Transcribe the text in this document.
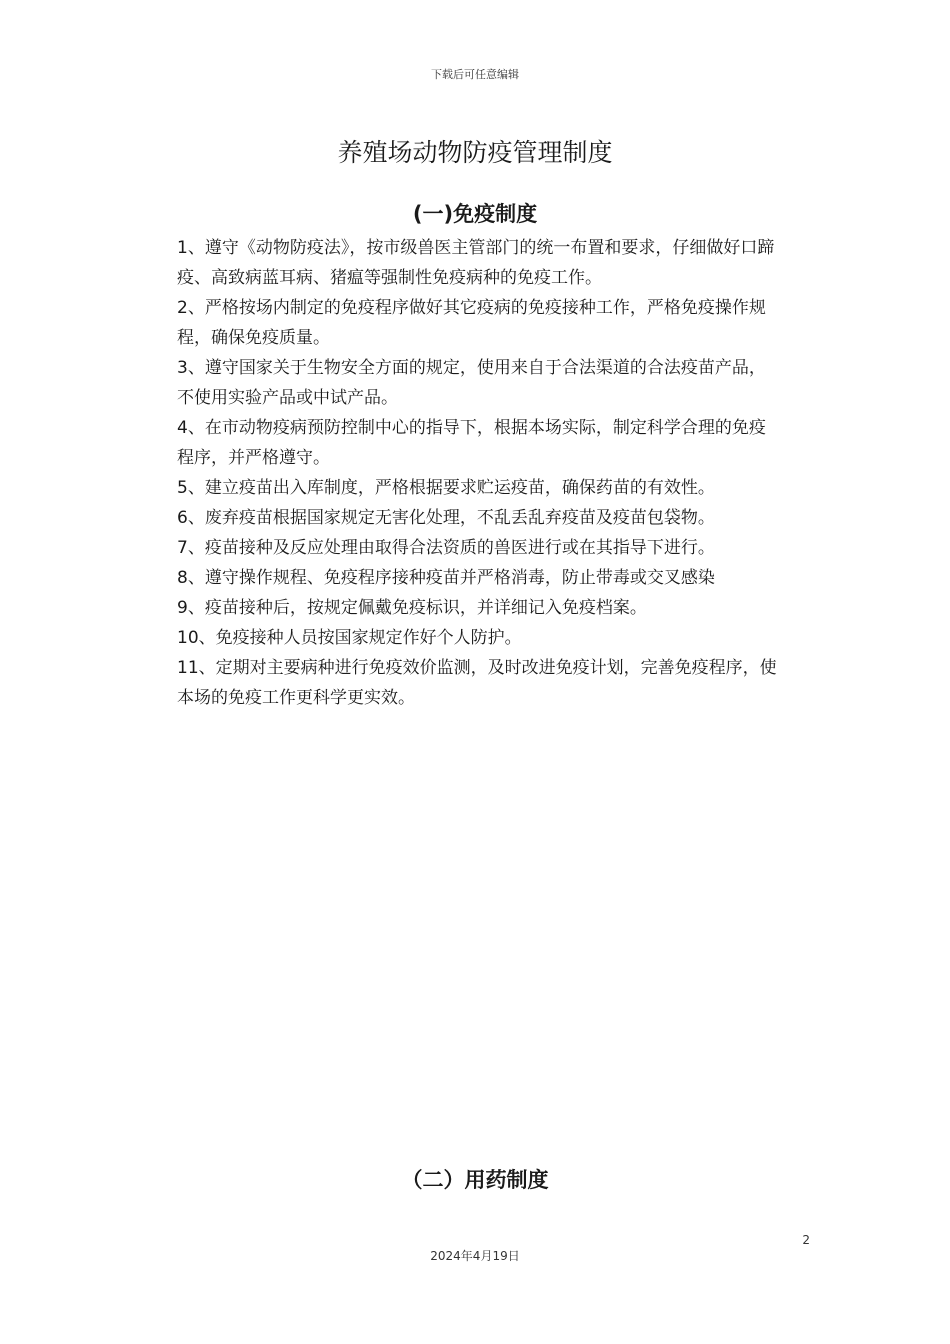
下载后可任意编辑
养殖场动物防疫管理制度
(一)免疫制度
1、遵守《动物防疫法》，按市级兽医主管部门的统一布置和要求，仔细做好口蹄疫、高致病蓝耳病、猪瘟等强制性免疫病种的免疫工作。
2、严格按场内制定的免疫程序做好其它疫病的免疫接种工作，严格免疫操作规程，确保免疫质量。
3、遵守国家关于生物安全方面的规定，使用来自于合法渠道的合法疫苗产品，不使用实验产品或中试产品。
4、在市动物疫病预防控制中心的指导下，根据本场实际，制定科学合理的免疫程序，并严格遵守。
5、建立疫苗出入库制度，严格根据要求贮运疫苗，确保药苗的有效性。
6、废弃疫苗根据国家规定无害化处理，不乱丢乱弃疫苗及疫苗包袋物。
7、疫苗接种及反应处理由取得合法资质的兽医进行或在其指导下进行。
8、遵守操作规程、免疫程序接种疫苗并严格消毒，防止带毒或交叉感染
9、疫苗接种后，按规定佩戴免疫标识，并详细记入免疫档案。
10、免疫接种人员按国家规定作好个人防护。
11、定期对主要病种进行免疫效价监测，及时改进免疫计划，完善免疫程序，使本场的免疫工作更科学更实效。
（二）用药制度
2
2024年4月19日
